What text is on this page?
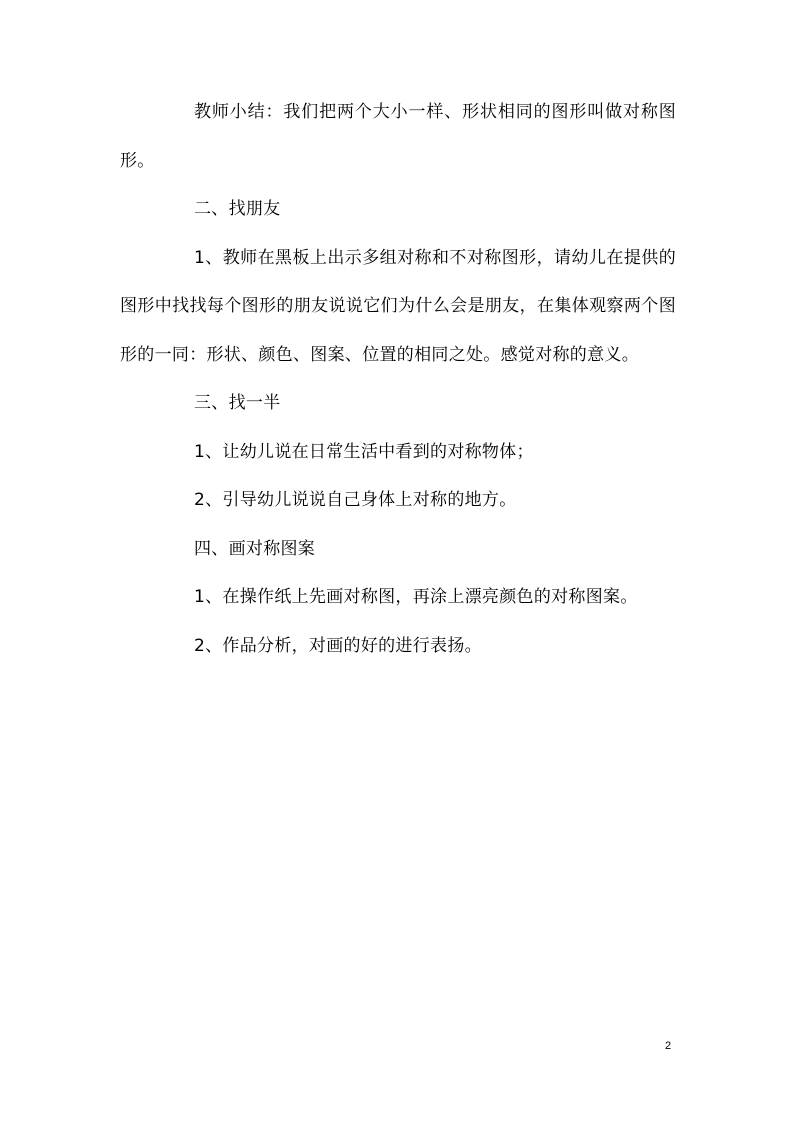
教师小结：我们把两个大小一样、形状相同的图形叫做对称图形。

二、找朋友

1、教师在黑板上出示多组对称和不对称图形，请幼儿在提供的图形中找找每个图形的朋友说说它们为什么会是朋友，在集体观察两个图形的一同：形状、颜色、图案、位置的相同之处。感觉对称的意义。

三、找一半

1、让幼儿说在日常生活中看到的对称物体；

2、引导幼儿说说自己身体上对称的地方。

四、画对称图案

1、在操作纸上先画对称图，再涂上漂亮颜色的对称图案。

2、作品分析，对画的好的进行表扬。

2
